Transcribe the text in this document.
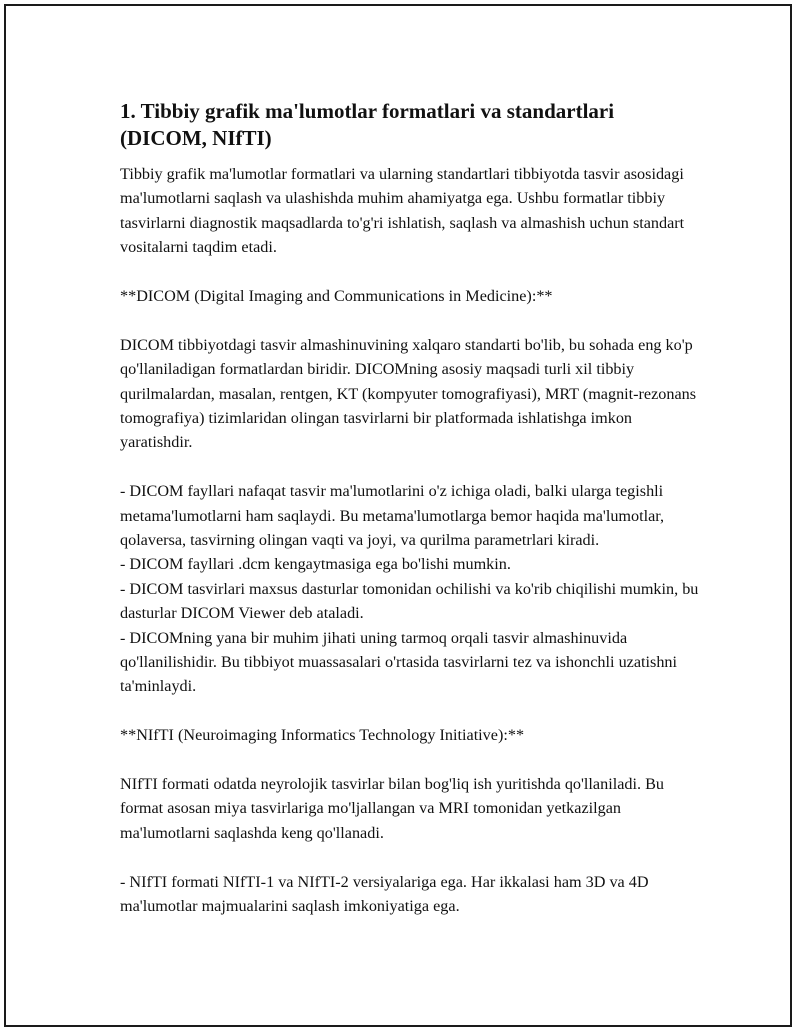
1. Tibbiy grafik ma'lumotlar formatlari va standartlari (DICOM, NIfTI)

Tibbiy grafik ma'lumotlar formatlari va ularning standartlari tibbiyotda tasvir asosidagi ma'lumotlarni saqlash va ulashishda muhim ahamiyatga ega. Ushbu formatlar tibbiy tasvirlarni diagnostik maqsadlarda to'g'ri ishlatish, saqlash va almashish uchun standart vositalarni taqdim etadi.

**DICOM (Digital Imaging and Communications in Medicine):**

DICOM tibbiyotdagi tasvir almashinuvining xalqaro standarti bo'lib, bu sohada eng ko'p qo'llaniladigan formatlardan biridir. DICOMning asosiy maqsadi turli xil tibbiy qurilmalardan, masalan, rentgen, KT (kompyuter tomografiyasi), MRT (magnit-rezonans tomografiya) tizimlaridan olingan tasvirlarni bir platformada ishlatishga imkon yaratishdir.

- DICOM fayllari nafaqat tasvir ma'lumotlarini o'z ichiga oladi, balki ularga tegishli metama'lumotlarni ham saqlaydi. Bu metama'lumotlarga bemor haqida ma'lumotlar, qolaversa, tasvirning olingan vaqti va joyi, va qurilma parametrlari kiradi.

- DICOM fayllari .dcm kengaytmasiga ega bo'lishi mumkin.

- DICOM tasvirlari maxsus dasturlar tomonidan ochilishi va ko'rib chiqilishi mumkin, bu dasturlar DICOM Viewer deb ataladi.

- DICOMning yana bir muhim jihati uning tarmoq orqali tasvir almashinuvida qo'llanilishidir. Bu tibbiyot muassasalari o'rtasida tasvirlarni tez va ishonchli uzatishni ta'minlaydi.

**NIfTI (Neuroimaging Informatics Technology Initiative):**

NIfTI formati odatda neyrolojik tasvirlar bilan bog'liq ish yuritishda qo'llaniladi. Bu format asosan miya tasvirlariga mo'ljallangan va MRI tomonidan yetkazilgan ma'lumotlarni saqlashda keng qo'llanadi.

- NIfTI formati NIfTI-1 va NIfTI-2 versiyalariga ega. Har ikkalasi ham 3D va 4D ma'lumotlar majmualarini saqlash imkoniyatiga ega.
